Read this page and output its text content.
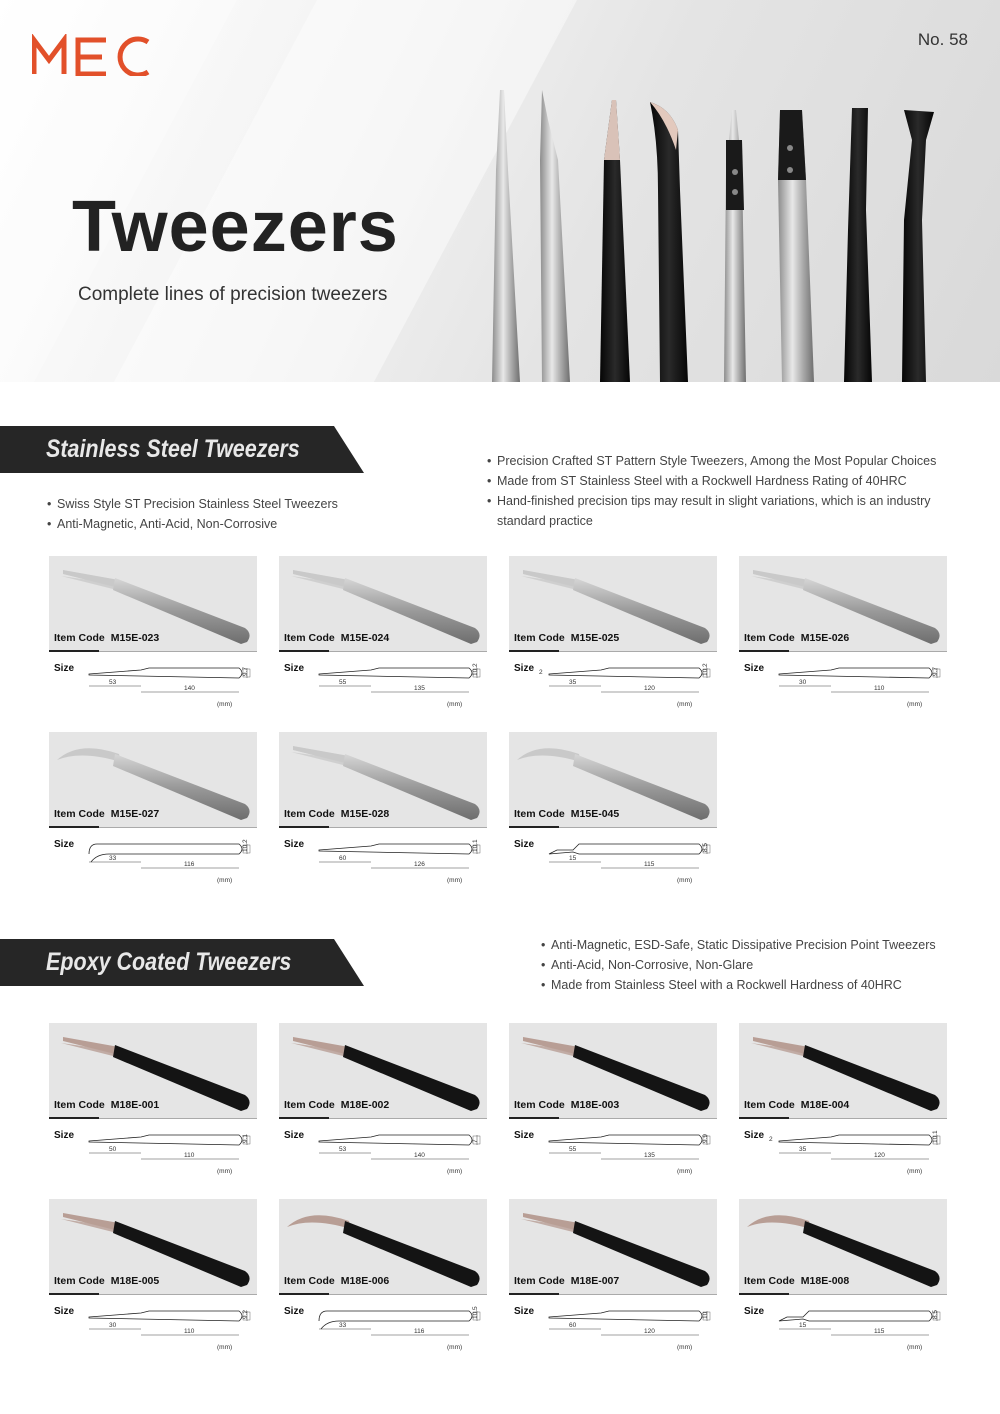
No. 58
Tweezers
Complete lines of precision tweezers
Stainless Steel Tweezers
• Swiss Style ST Precision Stainless Steel Tweezers
• Anti-Magnetic, Anti-Acid, Non-Corrosive
• Precision Crafted ST Pattern Style Tweezers, Among the Most Popular Choices
• Made from ST Stainless Steel with a Rockwell Hardness Rating of 40HRC
• Hand-finished precision tips may result in slight variations, which is an industry standard practice
Item Code M15E-023
Size
53
140
9.7
(mm)
Item Code M15E-024
Size
55
135
10.2
(mm)
Item Code M15E-025
Size
35
120
10.2
2
(mm)
Item Code M15E-026
Size
30
110
9.7
(mm)
Item Code M15E-027
Size
33
116
10.2
(mm)
Item Code M15E-028
Size
60
126
10.1
(mm)
Item Code M15E-045
Size
15
115
8.5
(mm)
Epoxy Coated Tweezers
• Anti-Magnetic, ESD-Safe, Static Dissipative Precision Point Tweezers
• Anti-Acid, Non-Corrosive, Non-Glare
• Made from Stainless Steel with a Rockwell Hardness of 40HRC
Item Code M18E-001
Size
50
110
9.1
(mm)
Item Code M18E-002
Size
53
140
7
(mm)
Item Code M18E-003
Size
55
135
9.9
(mm)
Item Code M18E-004
Size
35
120
10.1
2
(mm)
Item Code M18E-005
Size
30
110
9.2
(mm)
Item Code M18E-006
Size
33
116
10.5
(mm)
Item Code M18E-007
Size
60
120
10
(mm)
Item Code M18E-008
Size
15
115
8.5
(mm)
